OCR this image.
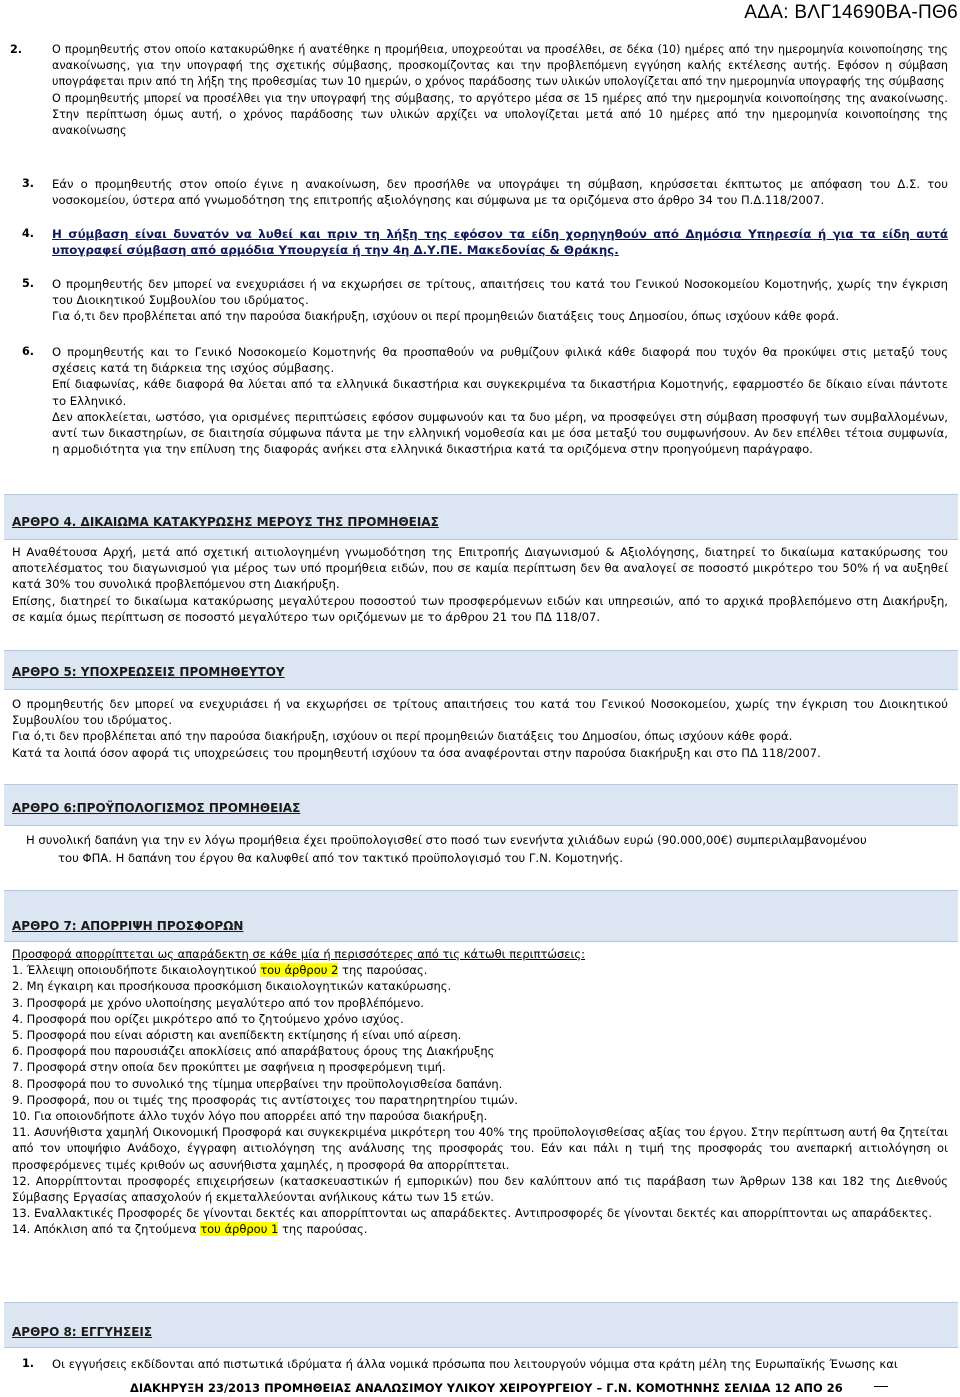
ΑΔΑ: ΒΛΓ14690ΒΑ-ΠΘ6
2.	Ο προμηθευτής στον οποίο κατακυρώθηκε ή ανατέθηκε η προμήθεια, υποχρεούται να προσέλθει, σε δέκα (10) ημέρες από την ημερομηνία κοινοποίησης της ανακοίνωσης, για την υπογραφή της σχετικής σύμβασης, προσκομίζοντας και την προβλεπόμενη εγγύηση καλής εκτέλεσης αυτής. Εφόσον η σύμβαση υπογράφεται πριν από τη λήξη της προθεσμίας των 10 ημερών, ο χρόνος παράδοσης των υλικών υπολογίζεται από την ημερομηνία υπογραφής της σύμβασης

Ο προμηθευτής μπορεί να προσέλθει για την υπογραφή της σύμβασης, το αργότερο μέσα σε 15 ημέρες από την ημερομηνία κοινοποίησης της ανακοίνωσης. Στην περίπτωση όμως αυτή, ο χρόνος παράδοσης των υλικών αρχίζει να υπολογίζεται μετά από 10 ημέρες από την ημερομηνία κοινοποίησης της ανακοίνωσης

3. Εάν ο προμηθευτής στον οποίο έγινε η ανακοίνωση, δεν προσήλθε να υπογράψει τη σύμβαση, κηρύσσεται έκπτωτος με απόφαση του Δ.Σ. του νοσοκομείου, ύστερα από γνωμοδότηση της επιτροπής αξιολόγησης και σύμφωνα με τα οριζόμενα στο άρθρο 34 του Π.Δ.118/2007.
4. Η σύμβαση είναι δυνατόν να λυθεί και πριν τη λήξη της εφόσον τα είδη χορηγηθούν από Δημόσια Υπηρεσία ή για τα είδη αυτά υπογραφεί σύμβαση από αρμόδια Υπουργεία ή την 4η Δ.Υ.ΠΕ. Μακεδονίας & Θράκης.
5. Ο προμηθευτής δεν μπορεί να ενεχυριάσει ή να εκχωρήσει σε τρίτους, απαιτήσεις του κατά του Γενικού Νοσοκομείου Κομοτηνής, χωρίς την έγκριση του Διοικητικού Συμβουλίου του ιδρύματος.

Για ό,τι δεν προβλέπεται από την παρούσα διακήρυξη, ισχύουν οι περί προμηθειών διατάξεις τους Δημοσίου, όπως ισχύουν κάθε φορά.

6. Ο προμηθευτής και το Γενικό Νοσοκομείο Κομοτηνής θα προσπαθούν να ρυθμίζουν φιλικά κάθε διαφορά που τυχόν θα προκύψει στις μεταξύ τους σχέσεις κατά τη διάρκεια της ισχύος σύμβασης.

Επί διαφωνίας, κάθε διαφορά θα λύεται από τα ελληνικά δικαστήρια και συγκεκριμένα τα δικαστήρια Κομοτηνής, εφαρμοστέο δε δίκαιο είναι πάντοτε το Ελληνικό.

Δεν αποκλείεται, ωστόσο, για ορισμένες περιπτώσεις εφόσον συμφωνούν και τα δυο μέρη, να προσφεύγει στη σύμβαση προσφυγή των συμβαλλομένων, αντί των δικαστηρίων, σε διαιτησία σύμφωνα πάντα με την ελληνική νομοθεσία και με όσα μεταξύ του συμφωνήσουν. Αν δεν επέλθει τέτοια συμφωνία, η αρμοδιότητα για την επίλυση της διαφοράς ανήκει στα ελληνικά δικαστήρια κατά τα οριζόμενα στην προηγούμενη παράγραφο.

ΑΡΘΡΟ 4. ΔΙΚΑΙΩΜΑ ΚΑΤΑΚΥΡΩΣΗΣ ΜΕΡΟΥΣ ΤΗΣ ΠΡΟΜΗΘΕΙΑΣ

Η Αναθέτουσα Αρχή, μετά από σχετική αιτιολογημένη γνωμοδότηση της Επιτροπής Διαγωνισμού & Αξιολόγησης, διατηρεί το δικαίωμα κατακύρωσης του αποτελέσματος του διαγωνισμού για μέρος των υπό προμήθεια ειδών, που σε καμία περίπτωση δεν θα αναλογεί σε ποσοστό μικρότερο του 50% ή να αυξηθεί κατά 30% του συνολικά προβλεπόμενου στη Διακήρυξη.

Επίσης, διατηρεί το δικαίωμα κατακύρωσης μεγαλύτερου ποσοστού των προσφερόμενων ειδών και υπηρεσιών, από το αρχικά προβλεπόμενο στη Διακήρυξη, σε καμία όμως περίπτωση σε ποσοστό μεγαλύτερο των οριζόμενων με το άρθρου 21 του ΠΔ 118/07.

ΑΡΘΡΟ 5: ΥΠΟΧΡΕΩΣΕΙΣ ΠΡΟΜΗΘΕΥΤΟΥ

Ο προμηθευτής δεν μπορεί να ενεχυριάσει ή να εκχωρήσει σε τρίτους απαιτήσεις του κατά του Γενικού Νοσοκομείου, χωρίς την έγκριση του Διοικητικού Συμβουλίου του ιδρύματος.

Για ό,τι δεν προβλέπεται από την παρούσα διακήρυξη, ισχύουν οι περί προμηθειών διατάξεις του Δημοσίου, όπως ισχύουν κάθε φορά.

Κατά τα λοιπά όσον αφορά τις υποχρεώσεις του προμηθευτή ισχύουν τα όσα αναφέρονται στην παρούσα διακήρυξη και στο ΠΔ 118/2007.

ΑΡΘΡΟ 6:ΠΡΟΫΠΟΛΟΓΙΣΜΟΣ ΠΡΟΜΗΘΕΙΑΣ
Η συνολική δαπάνη για την εν λόγω προμήθεια έχει προϋπολογισθεί στο ποσό των ενενήντα χιλιάδων ευρώ (90.000,00€) συμπεριλαμβανομένου
του ΦΠΑ. Η δαπάνη του έργου θα καλυφθεί από τον τακτικό προϋπολογισμό του Γ.Ν. Κομοτηνής.
ΑΡΘΡΟ 7: ΑΠΟΡΡΙΨΗ ΠΡΟΣΦΟΡΩΝ
Προσφορά απορρίπτεται ως απαράδεκτη σε κάθε μία ή περισσότερες από τις κάτωθι περιπτώσεις:
1. Έλλειψη οποιουδήποτε δικαιολογητικού του άρθρου 2 της παρούσας.
2. Μη έγκαιρη και προσήκουσα προσκόμιση δικαιολογητικών κατακύρωσης.
3. Προσφορά με χρόνο υλοποίησης μεγαλύτερο από τον προβλέπόμενο.
4. Προσφορά που ορίζει μικρότερο από το ζητούμενο χρόνο ισχύος.
5. Προσφορά που είναι αόριστη και ανεπίδεκτη εκτίμησης ή είναι υπό αίρεση.
6. Προσφορά που παρουσιάζει αποκλίσεις από απαράβατους όρους της Διακήρυξης
7. Προσφορά στην οποία δεν προκύπτει με σαφήνεια η προσφερόμενη τιμή.
8. Προσφορά που το συνολικό της τίμημα υπερβαίνει την προϋπολογισθείσα δαπάνη.
9. Προσφορά, που οι τιμές της προσφοράς τις αντίστοιχες του παρατηρητηρίου τιμών.
10. Για οποιονδήποτε άλλο τυχόν λόγο που απορρέει από την παρούσα διακήρυξη.
11. Ασυνήθιστα χαμηλή Οικονομική Προσφορά και συγκεκριμένα μικρότερη του 40% της προϋπολογισθείσας αξίας του έργου. Στην περίπτωση αυτή θα ζητείται από τον υποψήφιο Ανάδοχο, έγγραφη αιτιολόγηση της ανάλυσης της προσφοράς του. Εάν και πάλι η τιμή της προσφοράς του ανεπαρκή αιτιολόγηση οι προσφερόμενες τιμές κριθούν ως ασυνήθιστα χαμηλές, η προσφορά θα απορρίπτεται.
12. Απορρίπτονται προσφορές επιχειρήσεων (κατασκευαστικών ή εμπορικών) που δεν καλύπτουν από τις παράβαση των Άρθρων 138 και 182 της Διεθνούς Σύμβασης Εργασίας απασχολούν ή εκμεταλλεύονται ανήλικους κάτω των 15 ετών.
13. Εναλλακτικές Προσφορές δε γίνονται δεκτές και απορρίπτονται ως απαράδεκτες. Αντιπροσφορές δε γίνονται δεκτές και απορρίπτονται ως απαράδεκτες.
14. Απόκλιση από τα ζητούμενα του άρθρου 1 της παρούσας.
ΑΡΘΡΟ 8: ΕΓΓΥΗΣΕΙΣ
1. Οι εγγυήσεις εκδίδονται από πιστωτικά ιδρύματα ή άλλα νομικά πρόσωπα που λειτουργούν νόμιμα στα κράτη μέλη της Ευρωπαϊκής Ένωσης και
ΔΙΑΚΗΡΥΞΗ 23/2013 ΠΡΟΜΗΘΕΙΑΣ ΑΝΑΛΩΣΙΜΟΥ ΥΛΙΚΟΥ ΧΕΙΡΟΥΡΓΕΙΟΥ – Γ.Ν. ΚΟΜΟΤΗΝΗΣ ΣΕΛΙΔΑ 12 ΑΠΟ 26
